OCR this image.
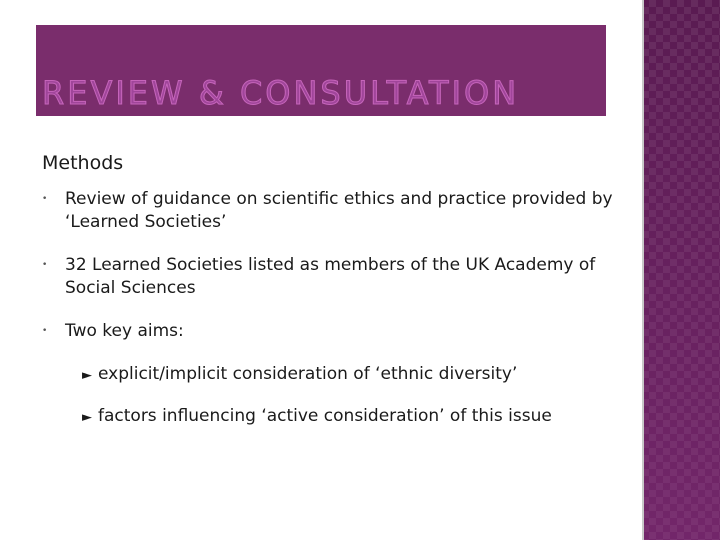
REVIEW & CONSULTATION
Methods
• Review of guidance on scientific ethics and practice provided by ‘Learned Societies’
• 32 Learned Societies listed as members of the UK Academy of Social Sciences
• Two key aims:
► explicit/implicit consideration of ‘ethnic diversity’
► factors influencing ‘active consideration’ of this issue
